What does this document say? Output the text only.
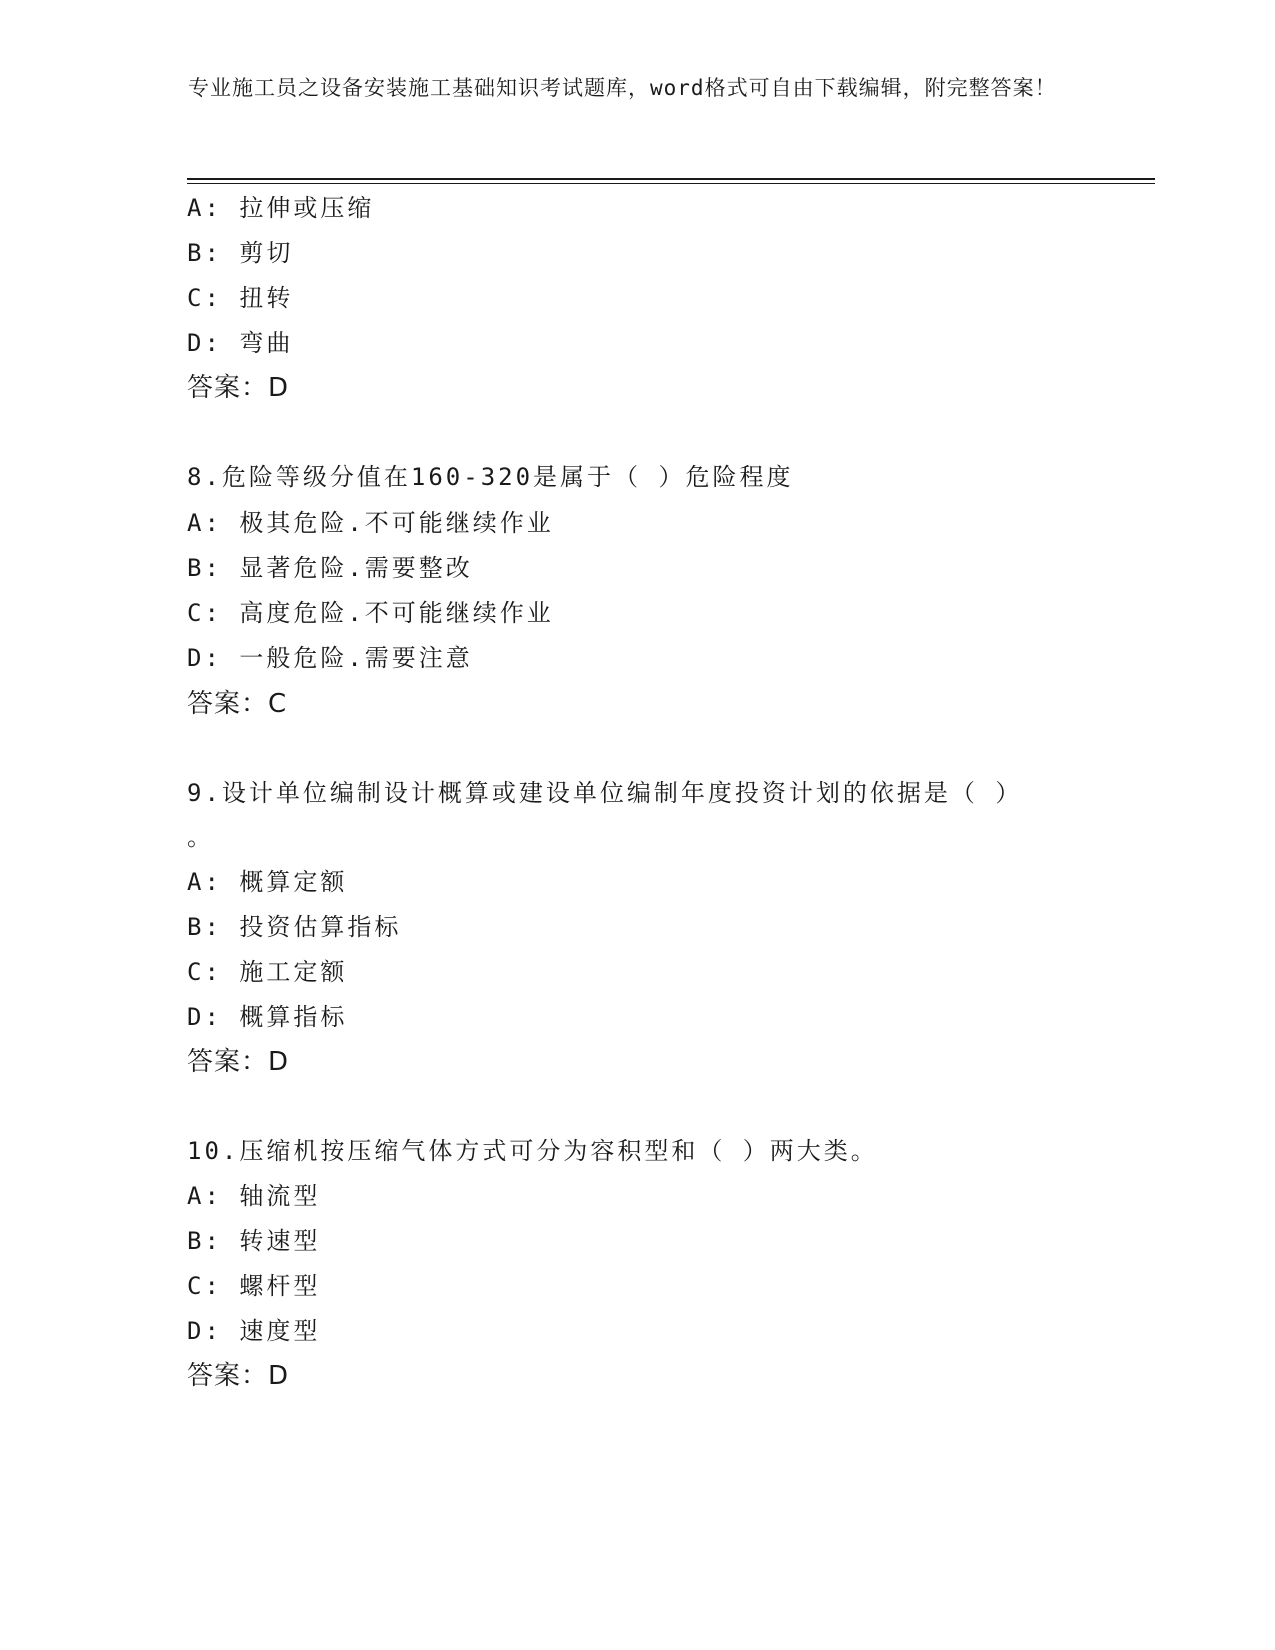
专业施工员之设备安装施工基础知识考试题库，word格式可自由下载编辑，附完整答案！
A: 拉伸或压缩
B: 剪切
C: 扭转
D: 弯曲
答案：D
8.危险等级分值在160-320是属于（ ）危险程度
A: 极其危险.不可能继续作业
B: 显著危险.需要整改
C: 高度危险.不可能继续作业
D: 一般危险.需要注意
答案：C
9.设计单位编制设计概算或建设单位编制年度投资计划的依据是（ ）
。
A: 概算定额
B: 投资估算指标
C: 施工定额
D: 概算指标
答案：D
10.压缩机按压缩气体方式可分为容积型和（ ）两大类。
A: 轴流型
B: 转速型
C: 螺杆型
D: 速度型
答案：D
